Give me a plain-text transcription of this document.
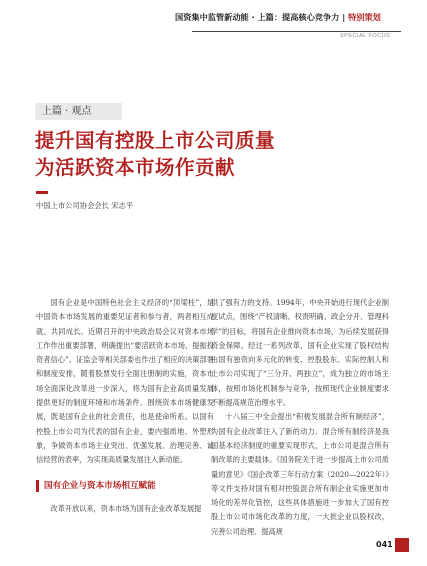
国资集中监管新动能 · 上篇：提高核心竞争力 | 特别策划
SPECIAL FOCUS
上篇 · 观点
提升国有控股上市公司质量
为活跃资本市场作贡献
中国上市公司协会会长 宋志平

国有企业是中国特色社会主义经济的“顶梁柱”，是中国资本市场发展的重要见证者和参与者，两者相互成就、共同成长。近期召开的中央政治局会议对资本市场工作作出重要部署，明确提出“要活跃资本市场，提振投资者信心”。证监会等相关部委也作出了相应的决策部署和制度安排，随着股票发行全面注册制的实施，资本市场全面深化改革进一步深入，将为国有企业高质量发展提供更好的制度环境和市场条件。围绕资本市场健康发展，既是国有企业的社会责任，也是使命所系。以国有控股上市公司为代表的国有企业，要内强质地、外塑形象，争做资本市场主业突出、优强发展、治理完善、诚信经营的表率，为实现高质量发展注入新动能。

国有企业与资本市场相互赋能
改革开放以来，资本市场为国有企业改革发展提

供了强有力的支持。1994年，中央开始进行现代企业制度试点，围绕“产权清晰、权责明确、政企分开、管理科学”的目标，将国有企业推向资本市场，为后续发展获得资金保障。经过一系列改革，国有企业实现了股权结构由国有独资向多元化的转变，控股股东、实际控制人和上市公司实现了“三分开、两独立”，成为独立的市场主体，按照市场化机制参与竞争，按照现代企业制度要求不断提高规范治理水平。

十八届三中全会提出“积极发展混合所有制经济”，为国有企业改革注入了新的动力。混合所有制经济是我国基本经济制度的重要实现形式，上市公司是混合所有制改革的主要载体。《国务院关于进一步提高上市公司质量的意见》《国企改革三年行动方案（2020—2022年）》等文件支持对国有相对控股混合所有制企业实施更加市场化的差异化管控，这些具体措施进一步加大了国有控股上市公司市场化改革的力度，一大批企业以股权改，完善公司治理、提高规

041
